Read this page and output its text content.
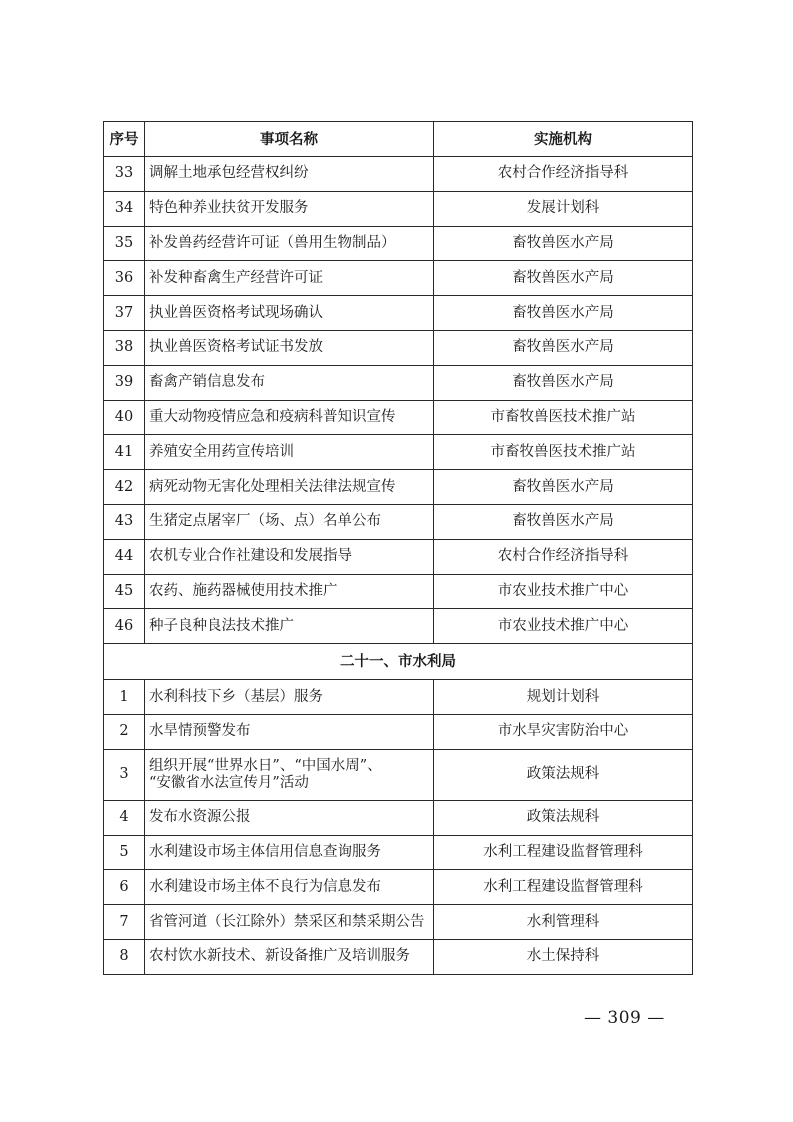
序号	事项名称	实施机构
33	调解土地承包经营权纠纷	农村合作经济指导科
34	特色种养业扶贫开发服务	发展计划科
35	补发兽药经营许可证（兽用生物制品）	畜牧兽医水产局
36	补发种畜禽生产经营许可证	畜牧兽医水产局
37	执业兽医资格考试现场确认	畜牧兽医水产局
38	执业兽医资格考试证书发放	畜牧兽医水产局
39	畜禽产销信息发布	畜牧兽医水产局
40	重大动物疫情应急和疫病科普知识宣传	市畜牧兽医技术推广站
41	养殖安全用药宣传培训	市畜牧兽医技术推广站
42	病死动物无害化处理相关法律法规宣传	畜牧兽医水产局
43	生猪定点屠宰厂（场、点）名单公布	畜牧兽医水产局
44	农机专业合作社建设和发展指导	农村合作经济指导科
45	农药、施药器械使用技术推广	市农业技术推广中心
46	种子良种良法技术推广	市农业技术推广中心
二十一、市水利局		
1	水利科技下乡（基层）服务	规划计划科
2	水旱情预警发布	市水旱灾害防治中心
3	组织开展“世界水日”、“中国水周”、
“安徽省水法宣传月”活动	政策法规科
4	发布水资源公报	政策法规科
5	水利建设市场主体信用信息查询服务	水利工程建设监督管理科
6	水利建设市场主体不良行为信息发布	水利工程建设监督管理科
7	省管河道（长江除外）禁采区和禁采期公告	水利管理科
8	农村饮水新技术、新设备推广及培训服务	水土保持科
— 309 —
